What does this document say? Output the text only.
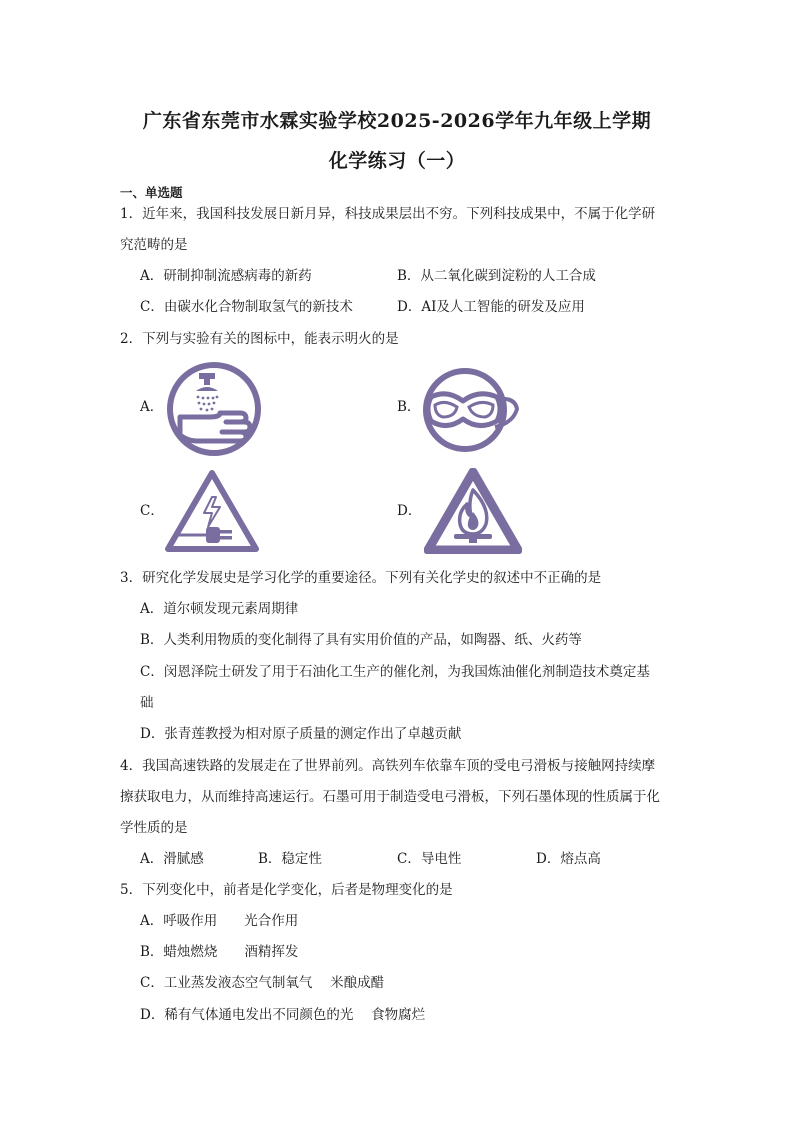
广东省东莞市水霖实验学校2025-2026学年九年级上学期
化学练习（一）
一、单选题
1．近年来，我国科技发展日新月异，科技成果层出不穷。下列科技成果中，不属于化学研
究范畴的是
A．研制抑制流感病毒的新药	B．从二氧化碳到淀粉的人工合成
C．由碳水化合物制取氢气的新技术	D．AI及人工智能的研发及应用
2．下列与实验有关的图标中，能表示明火的是
A．	B．
C．	D．
3．研究化学发展史是学习化学的重要途径。下列有关化学史的叙述中不正确的是
A．道尔顿发现元素周期律
B．人类利用物质的变化制得了具有实用价值的产品，如陶器、纸、火药等
C．闵恩泽院士研发了用于石油化工生产的催化剂，为我国炼油催化剂制造技术奠定基
础
D．张青莲教授为相对原子质量的测定作出了卓越贡献
4．我国高速铁路的发展走在了世界前列。高铁列车依靠车顶的受电弓滑板与接触网持续摩
擦获取电力，从而维持高速运行。石墨可用于制造受电弓滑板，下列石墨体现的性质属于化
学性质的是
A．滑腻感	B．稳定性	C．导电性	D．熔点高
5．下列变化中，前者是化学变化，后者是物理变化的是
A．呼吸作用　　光合作用
B．蜡烛燃烧　　酒精挥发
C．工业蒸发液态空气制氧气　 米酿成醋
D．稀有气体通电发出不同颜色的光　 食物腐烂
